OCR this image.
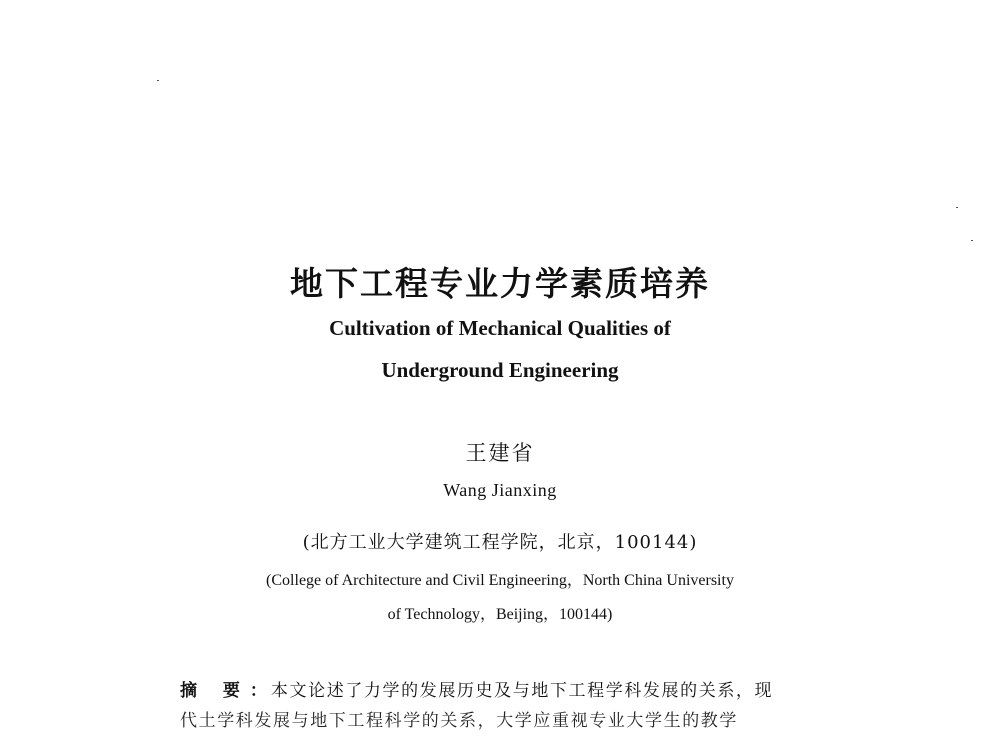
地下工程专业力学素质培养
Cultivation of Mechanical Qualities of
Underground Engineering
王建省
Wang Jianxing
(北方工业大学建筑工程学院，北京，100144)
(College of Architecture and Civil Engineering，North China University
of Technology，Beijing，100144)
摘 要： 本文论述了力学的发展历史及与地下工程学科发展的关系，现
代土学科发展与地下工程科学的关系，大学应重视专业大学生的教学
